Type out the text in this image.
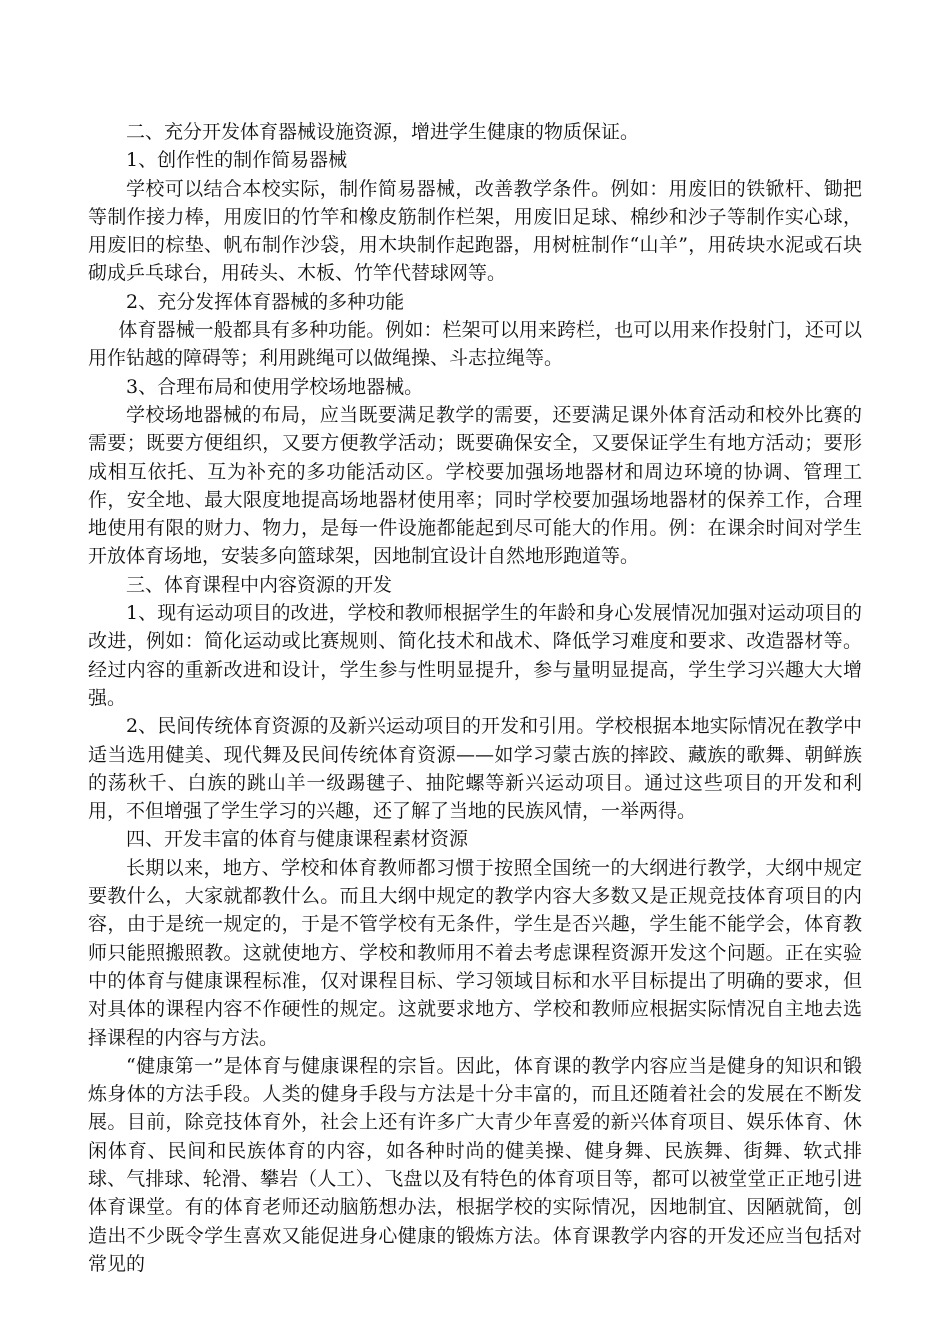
二、充分开发体育器械设施资源，增进学生健康的物质保证。

1、创作性的制作简易器械

学校可以结合本校实际，制作简易器械，改善教学条件。例如：用废旧的铁锨杆、锄把等制作接力棒，用废旧的竹竿和橡皮筋制作栏架，用废旧足球、棉纱和沙子等制作实心球，用废旧的棕垫、帆布制作沙袋，用木块制作起跑器，用树桩制作“山羊”，用砖块水泥或石块砌成乒乓球台，用砖头、木板、竹竿代替球网等。

2、充分发挥体育器械的多种功能

体育器械一般都具有多种功能。例如：栏架可以用来跨栏，也可以用来作投射门，还可以用作钻越的障碍等；利用跳绳可以做绳操、斗志拉绳等。

3、合理布局和使用学校场地器械。

学校场地器械的布局，应当既要满足教学的需要，还要满足课外体育活动和校外比赛的需要；既要方便组织，又要方便教学活动；既要确保安全，又要保证学生有地方活动；要形成相互依托、互为补充的多功能活动区。学校要加强场地器材和周边环境的协调、管理工作，安全地、最大限度地提高场地器材使用率；同时学校要加强场地器材的保养工作，合理地使用有限的财力、物力，是每一件设施都能起到尽可能大的作用。例：在课余时间对学生开放体育场地，安装多向篮球架，因地制宜设计自然地形跑道等。

三、体育课程中内容资源的开发

1、现有运动项目的改进，学校和教师根据学生的年龄和身心发展情况加强对运动项目的改进，例如：简化运动或比赛规则、简化技术和战术、降低学习难度和要求、改造器材等。经过内容的重新改进和设计，学生参与性明显提升，参与量明显提高，学生学习兴趣大大增强。

2、民间传统体育资源的及新兴运动项目的开发和引用。学校根据本地实际情况在教学中适当选用健美、现代舞及民间传统体育资源——如学习蒙古族的摔跤、藏族的歌舞、朝鲜族的荡秋千、白族的跳山羊一级踢毽子、抽陀螺等新兴运动项目。通过这些项目的开发和利用，不但增强了学生学习的兴趣，还了解了当地的民族风情，一举两得。

四、开发丰富的体育与健康课程素材资源

长期以来，地方、学校和体育教师都习惯于按照全国统一的大纲进行教学，大纲中规定要教什么，大家就都教什么。而且大纲中规定的教学内容大多数又是正规竞技体育项目的内容，由于是统一规定的，于是不管学校有无条件，学生是否兴趣，学生能不能学会，体育教师只能照搬照教。这就使地方、学校和教师用不着去考虑课程资源开发这个问题。正在实验中的体育与健康课程标准，仅对课程目标、学习领域目标和水平目标提出了明确的要求，但对具体的课程内容不作硬性的规定。这就要求地方、学校和教师应根据实际情况自主地去选择课程的内容与方法。

“健康第一”是体育与健康课程的宗旨。因此，体育课的教学内容应当是健身的知识和锻炼身体的方法手段。人类的健身手段与方法是十分丰富的，而且还随着社会的发展在不断发展。目前，除竞技体育外，社会上还有许多广大青少年喜爱的新兴体育项目、娱乐体育、休闲体育、民间和民族体育的内容，如各种时尚的健美操、健身舞、民族舞、街舞、软式排球、气排球、轮滑、攀岩（人工）、飞盘以及有特色的体育项目等，都可以被堂堂正正地引进体育课堂。有的体育老师还动脑筋想办法，根据学校的实际情况，因地制宜、因陋就简，创造出不少既令学生喜欢又能促进身心健康的锻炼方法。体育课教学内容的开发还应当包括对常见的
